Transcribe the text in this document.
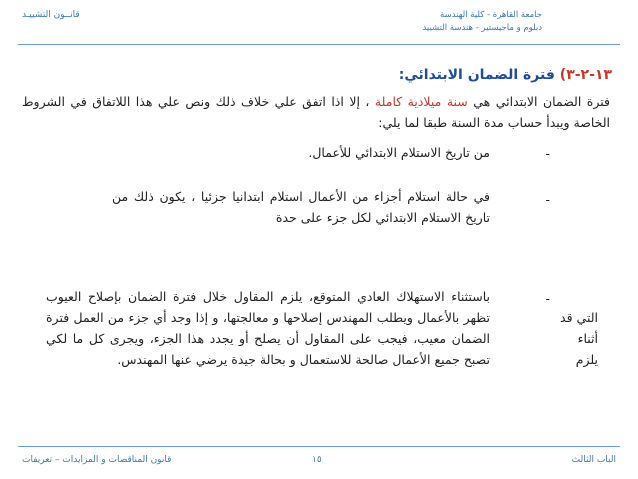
جامعة القاهرة - كلية الهندسة
دبلوم و ماجيستير - هندسة التشييد
قانــون التشييـد
١٣-٢-٣) فترة الضمان الابتدائي:
فترة الضمان الابتدائي هي سنة ميلادية كاملة ، إلا اذا اتفق علي خلاف ذلك ونص علي هذا اللاتفاق في الشروط الخاصة ويبدأ حساب مدة السنة طبقا لما يلي:
-
من تاريخ الاستلام الابتدائي للأعمال.
-
في حالة استلام أجزاء من الأعمال استلام ابتدانيا جزئيا ، يكون ذلك من تاريخ الاستلام الابتدائي لكل جزء على حدة
-
باستثناء الاستهلاك العادي المتوقع، يلزم المقاول خلال فترة الضمان بإصلاح العيوب تظهر بالأعمال ويطلب المهندس إصلاحها و معالجتها، و إذا وجد أي جزء من العمل فترة الضمان معيب، فيجب على المقاول أن يصلح أو يجدد هذا الجزء، ويجرى كل ما لكي تصبح جميع الأعمال صالحة للاستعمال و بحالة جيدة يرضي عنها المهندس.
التي قد
أثناء
يلزم
الباب الثالث
١٥
قانون المناقصات و المزايدات – تعريفات
